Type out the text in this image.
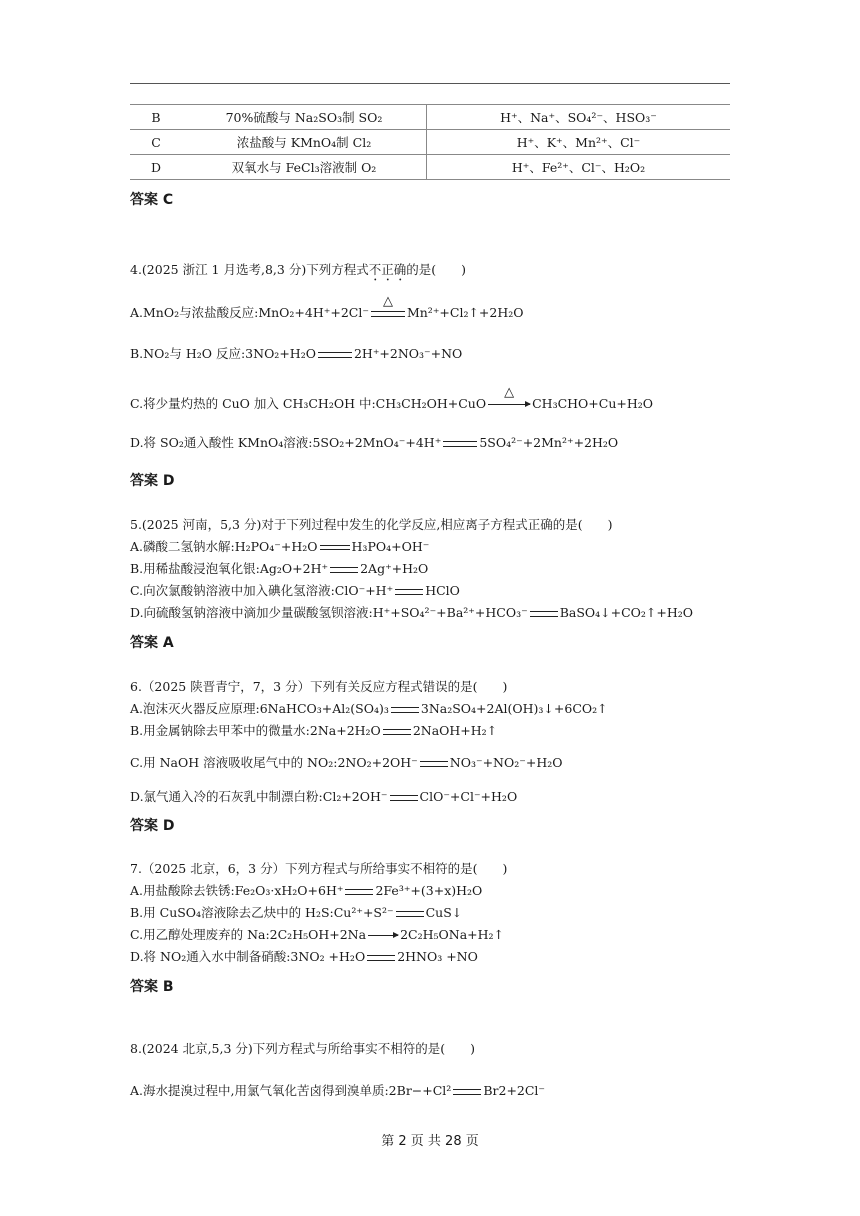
B	70%硫酸与 Na₂SO₃制 SO₂	H⁺、Na⁺、SO₄²⁻、HSO₃⁻
C	浓盐酸与 KMnO₄制 Cl₂	H⁺、K⁺、Mn²⁺、Cl⁻
D	双氧水与 FeCl₃溶液制 O₂	H⁺、Fe²⁺、Cl⁻、H₂O₂
答案 C
4.(2025 浙江 1 月选考,8,3 分)下列方程式不正确的是(　　)
A.MnO₂与浓盐酸反应:MnO₂+4H⁺+2Cl⁻
△
Mn²⁺+Cl₂↑+2H₂O
B.NO₂与 H₂O 反应:3NO₂+H₂O	2H⁺+2NO₃⁻+NO
C.将少量灼热的 CuO 加入 CH₃CH₂OH 中:CH₃CH₂OH+CuO
△
CH₃CHO+Cu+H₂O
D.将 SO₂通入酸性 KMnO₄溶液:5SO₂+2MnO₄⁻+4H⁺	5SO₄²⁻+2Mn²⁺+2H₂O
答案 D
5.(2025 河南，5,3 分)对于下列过程中发生的化学反应,相应离子方程式正确的是(　　)
A.磷酸二氢钠水解:H₂PO₄⁻+H₂O	H₃PO₄+OH⁻
B.用稀盐酸浸泡氧化银:Ag₂O+2H⁺	2Ag⁺+H₂O
C.向次氯酸钠溶液中加入碘化氢溶液:ClO⁻+H⁺	HClO
D.向硫酸氢钠溶液中滴加少量碳酸氢钡溶液:H⁺+SO₄²⁻+Ba²⁺+HCO₃⁻	BaSO₄↓+CO₂↑+H₂O
答案 A
6.（2025 陕晋青宁，7，3 分）下列有关反应方程式错误的是(　　)
A.泡沫灭火器反应原理:6NaHCO₃+Al₂(SO₄)₃	3Na₂SO₄+2Al(OH)₃↓+6CO₂↑
B.用金属钠除去甲苯中的微量水:2Na+2H₂O	2NaOH+H₂↑
C.用 NaOH 溶液吸收尾气中的 NO₂:2NO₂+2OH⁻	NO₃⁻+NO₂⁻+H₂O
D.氯气通入冷的石灰乳中制漂白粉:Cl₂+2OH⁻	ClO⁻+Cl⁻+H₂O
答案 D
7.（2025 北京，6，3 分）下列方程式与所给事实不相符的是(　　)
A.用盐酸除去铁锈:Fe₂O₃·xH₂O+6H⁺	2Fe³⁺+(3+x)H₂O
B.用 CuSO₄溶液除去乙炔中的 H₂S:Cu²⁺+S²⁻	CuS↓
C.用乙醇处理废弃的 Na:2C₂H₅OH+2Na	2C₂H₅ONa+H₂↑
D.将 NO₂通入水中制备硝酸:3NO₂ +H₂O	2HNO₃ +NO
答案 B
8.(2024 北京,5,3 分)下列方程式与所给事实不相符的是(　　)
A.海水提溴过程中,用氯气氧化苦卤得到溴单质:2Br−+Cl²	Br2+2Cl⁻
第 2 页 共 28 页
